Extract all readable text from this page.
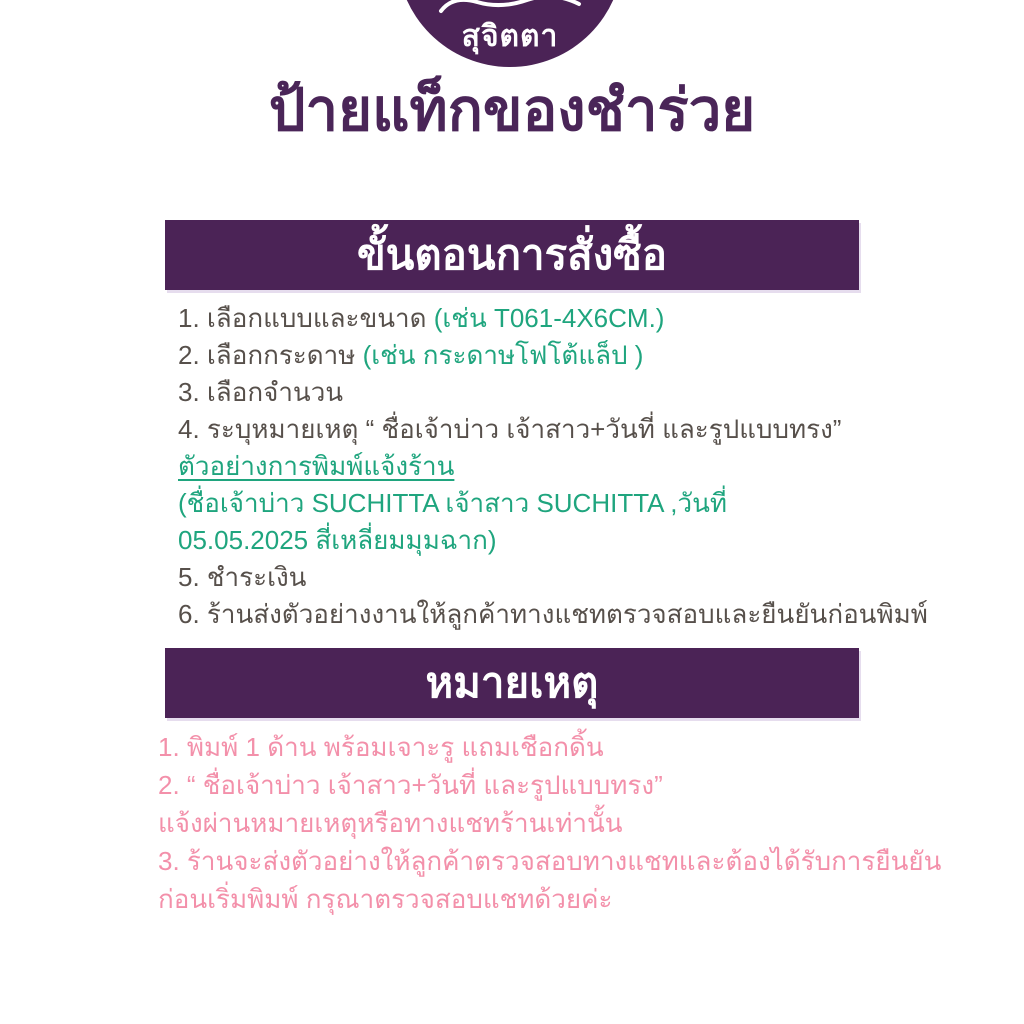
สุจิตตา
ป้ายแท็กของชำร่วย
ขั้นตอนการสั่งซื้อ
1. เลือกแบบและขนาด (เช่น T061-4X6CM.)
2. เลือกกระดาษ (เช่น กระดาษโฟโต้แล็ป )
3. เลือกจำนวน
4. ระบุหมายเหตุ “ ชื่อเจ้าบ่าว เจ้าสาว+วันที่ และรูปแบบทรง”
ตัวอย่างการพิมพ์แจ้งร้าน
(ชื่อเจ้าบ่าว SUCHITTA เจ้าสาว SUCHITTA ,วันที่
05.05.2025 สี่เหลี่ยมมุมฉาก)
5. ชำระเงิน
6. ร้านส่งตัวอย่างงานให้ลูกค้าทางแชทตรวจสอบและยืนยันก่อนพิมพ์
หมายเหตุ
1. พิมพ์ 1 ด้าน พร้อมเจาะรู แถมเชือกดิ้น
2. “ ชื่อเจ้าบ่าว เจ้าสาว+วันที่ และรูปแบบทรง”
แจ้งผ่านหมายเหตุหรือทางแชทร้านเท่านั้น
3. ร้านจะส่งตัวอย่างให้ลูกค้าตรวจสอบทางแชทและต้องได้รับการยืนยัน
ก่อนเริ่มพิมพ์ กรุณาตรวจสอบแชทด้วยค่ะ
